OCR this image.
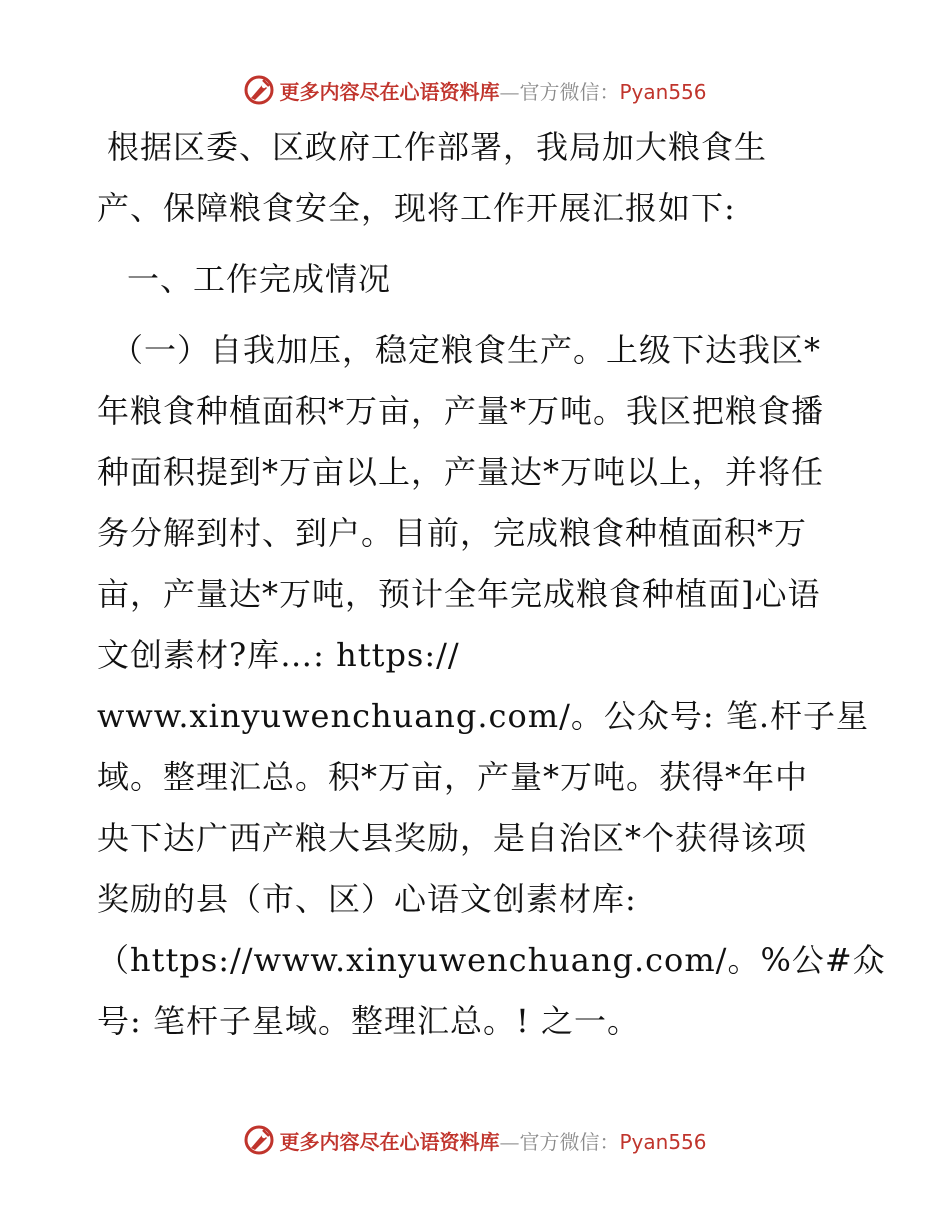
更多内容尽在心语资料库—官方微信：Pyan556
根据区委、区政府工作部署，我局加大粮食生
产、保障粮食安全，现将工作开展汇报如下:
一、工作完成情况
（一）自我加压，稳定粮食生产。上级下达我区*
年粮食种植面积*万亩，产量*万吨。我区把粮食播
种面积提到*万亩以上，产量达*万吨以上，并将任
务分解到村、到户。目前，完成粮食种植面积*万
亩，产量达*万吨，预计全年完成粮食种植面]心语
文创素材?库…: https://
www.xinyuwenchuang.com/。公众号: 笔.杆子星
域。整理汇总。积*万亩，产量*万吨。获得*年中
央下达广西产粮大县奖励，是自治区*个获得该项
奖励的县（市、区）心语文创素材库:
（https://www.xinyuwenchuang.com/。%公#众
号: 笔杆子星域。整理汇总。! 之一。
更多内容尽在心语资料库—官方微信：Pyan556
